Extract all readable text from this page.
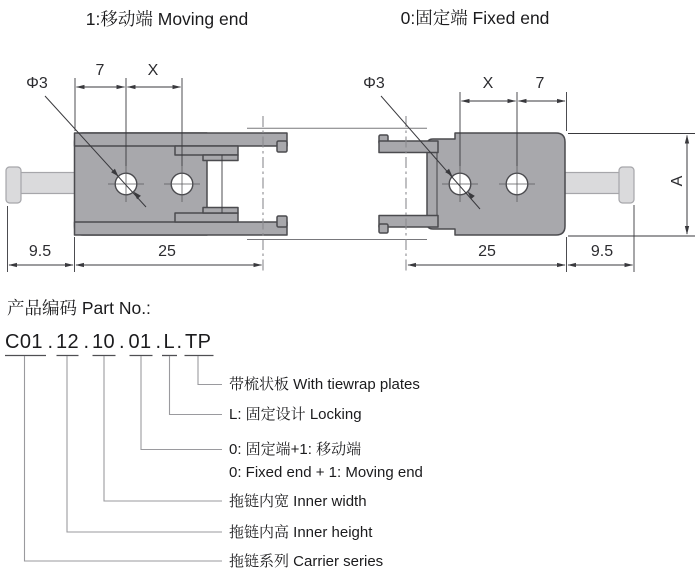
1:移动端 Moving end	0:固定端 Fixed end
Φ3
7	X
9.5	25
Φ3	X	7
25	9.5
A
产品编码 Part No.:
C01 . 12 . 10 . 01 . L . TP
带梳状板 With tiewrap plates
L: 固定设计 Locking
0: 固定端+1: 移动端
0: Fixed end + 1: Moving end
拖链内宽 Inner width
拖链内高 Inner height
拖链系列 Carrier series
